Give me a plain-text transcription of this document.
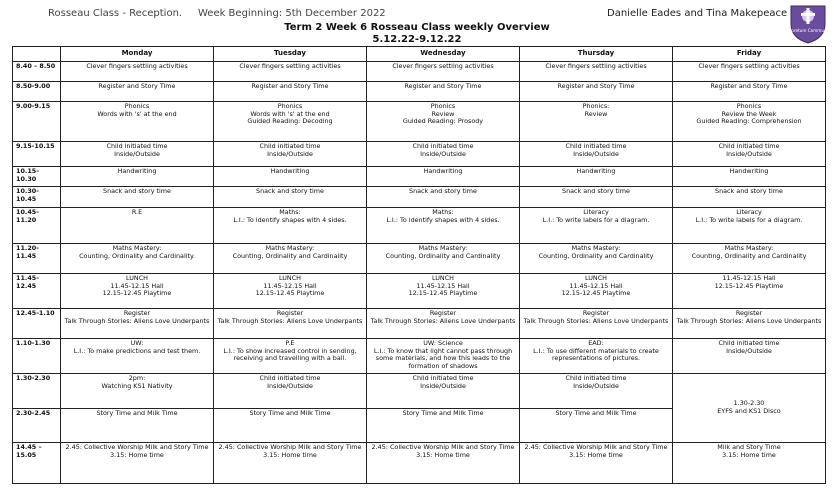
Rosseau Class - Reception.     Week Beginning: 5th December 2022	Danielle Eades and Tina Makepeace
Term 2 Week 6 Rosseau Class weekly Overview
5.12.22-9.12.22
Arboretum Community
	Monday	Tuesday	Wednesday	Thursday	Friday
8.40 – 8.50	Clever fingers settling activities	Clever fingers settling activities	Clever fingers settling activities	Clever fingers settling activities	Clever fingers settling activities

8.50-9.00	Register and Story Time	Register and Story Time	Register and Story Time	Register and Story Time	Register and Story Time

9.00-9.15	Phonics
Words with 's' at the end	Phonics
Words with 's' at the end
Guided Reading: Decoding	Phonics
Review
Guided Reading: Prosody	Phonics:
Review	Phonics
Review the Week
Guided Reading: Comprehension

9.15-10.15	Child initiated time
Inside/Outside	Child initiated time
Inside/Outside	Child initiated time
Inside/Outside	Child initiated time
Inside/Outside	Child initiated time
Inside/Outside

10.15-10.30	Handwriting	Handwriting	Handwriting	Handwriting	Handwriting

10.30-10.45	Snack and story time	Snack and story time	Snack and story time	Snack and story time	Snack and story time

10.45-11.20	R.E	Maths:
L.I.: To identify shapes with 4 sides.	Maths:
L.I.: To identify shapes with 4 sides.	Literacy
L.I.: To write labels for a diagram.	Literacy
L.I.: To write labels for a diagram.

11.20-11.45	Maths Mastery:
Counting, Ordinality and Cardinality.	Maths Mastery:
Counting, Ordinality and Cardinality	Maths Mastery:
Counting, Ordinality and Cardinality	Maths Mastery:
Counting, Ordinality and Cardinality	Maths Mastery:
Counting, Ordinality and Cardinality

11.45-12.45	LUNCH
11.45-12.15 Hall
12.15-12.45 Playtime	LUNCH
11.45-12.15 Hall
12.15-12.45 Playtime	LUNCH
11.45-12.15 Hall
12.15-12.45 Playtime	LUNCH
11.45-12.15 Hall
12.15-12.45 Playtime	11.45-12.15 Hall
12.15-12.45 Playtime

12.45-1.10	Register
Talk Through Stories: Aliens Love Underpants	Register
Talk Through Stories: Aliens Love Underpants	Register
Talk Through Stories: Aliens Love Underpants	Register
Talk Through Stories: Aliens Love Underpants	Register
Talk Through Stories: Aliens Love Underpants

1.10-1.30	UW:
L.I.: To make predictions and test them.	P.E
L.I.: To show increased control in sending, receiving and travelling with a ball.	UW: Science
L.I.: To know that light cannot pass through some materials, and how this leads to the formation of shadows	EAD:
L.I.: To use different materials to create representations of pictures.	Child initiated time
Inside/Outside

1.30-2.30	2pm:
Watching KS1 Nativity	Child initiated time
Inside/Outside	Child initiated time
Inside/Outside	Child initiated time
Inside/Outside	1.30-2.30
EYFS and KS1 Disco

2.30-2.45	Story Time and Milk Time	Story Time and Milk Time	Story Time and Milk Time	Story Time and Milk Time	

14.45 – 15.05	2.45: Collective Worship Milk and Story Time
3.15: Home time	2.45: Collective Worship Milk and Story Time
3.15: Home time	2.45: Collective Worship Milk and Story Time
3.15: Home time	2.45: Collective Worship Milk and Story Time
3.15: Home time	Milk and Story Time
3.15: Home time
